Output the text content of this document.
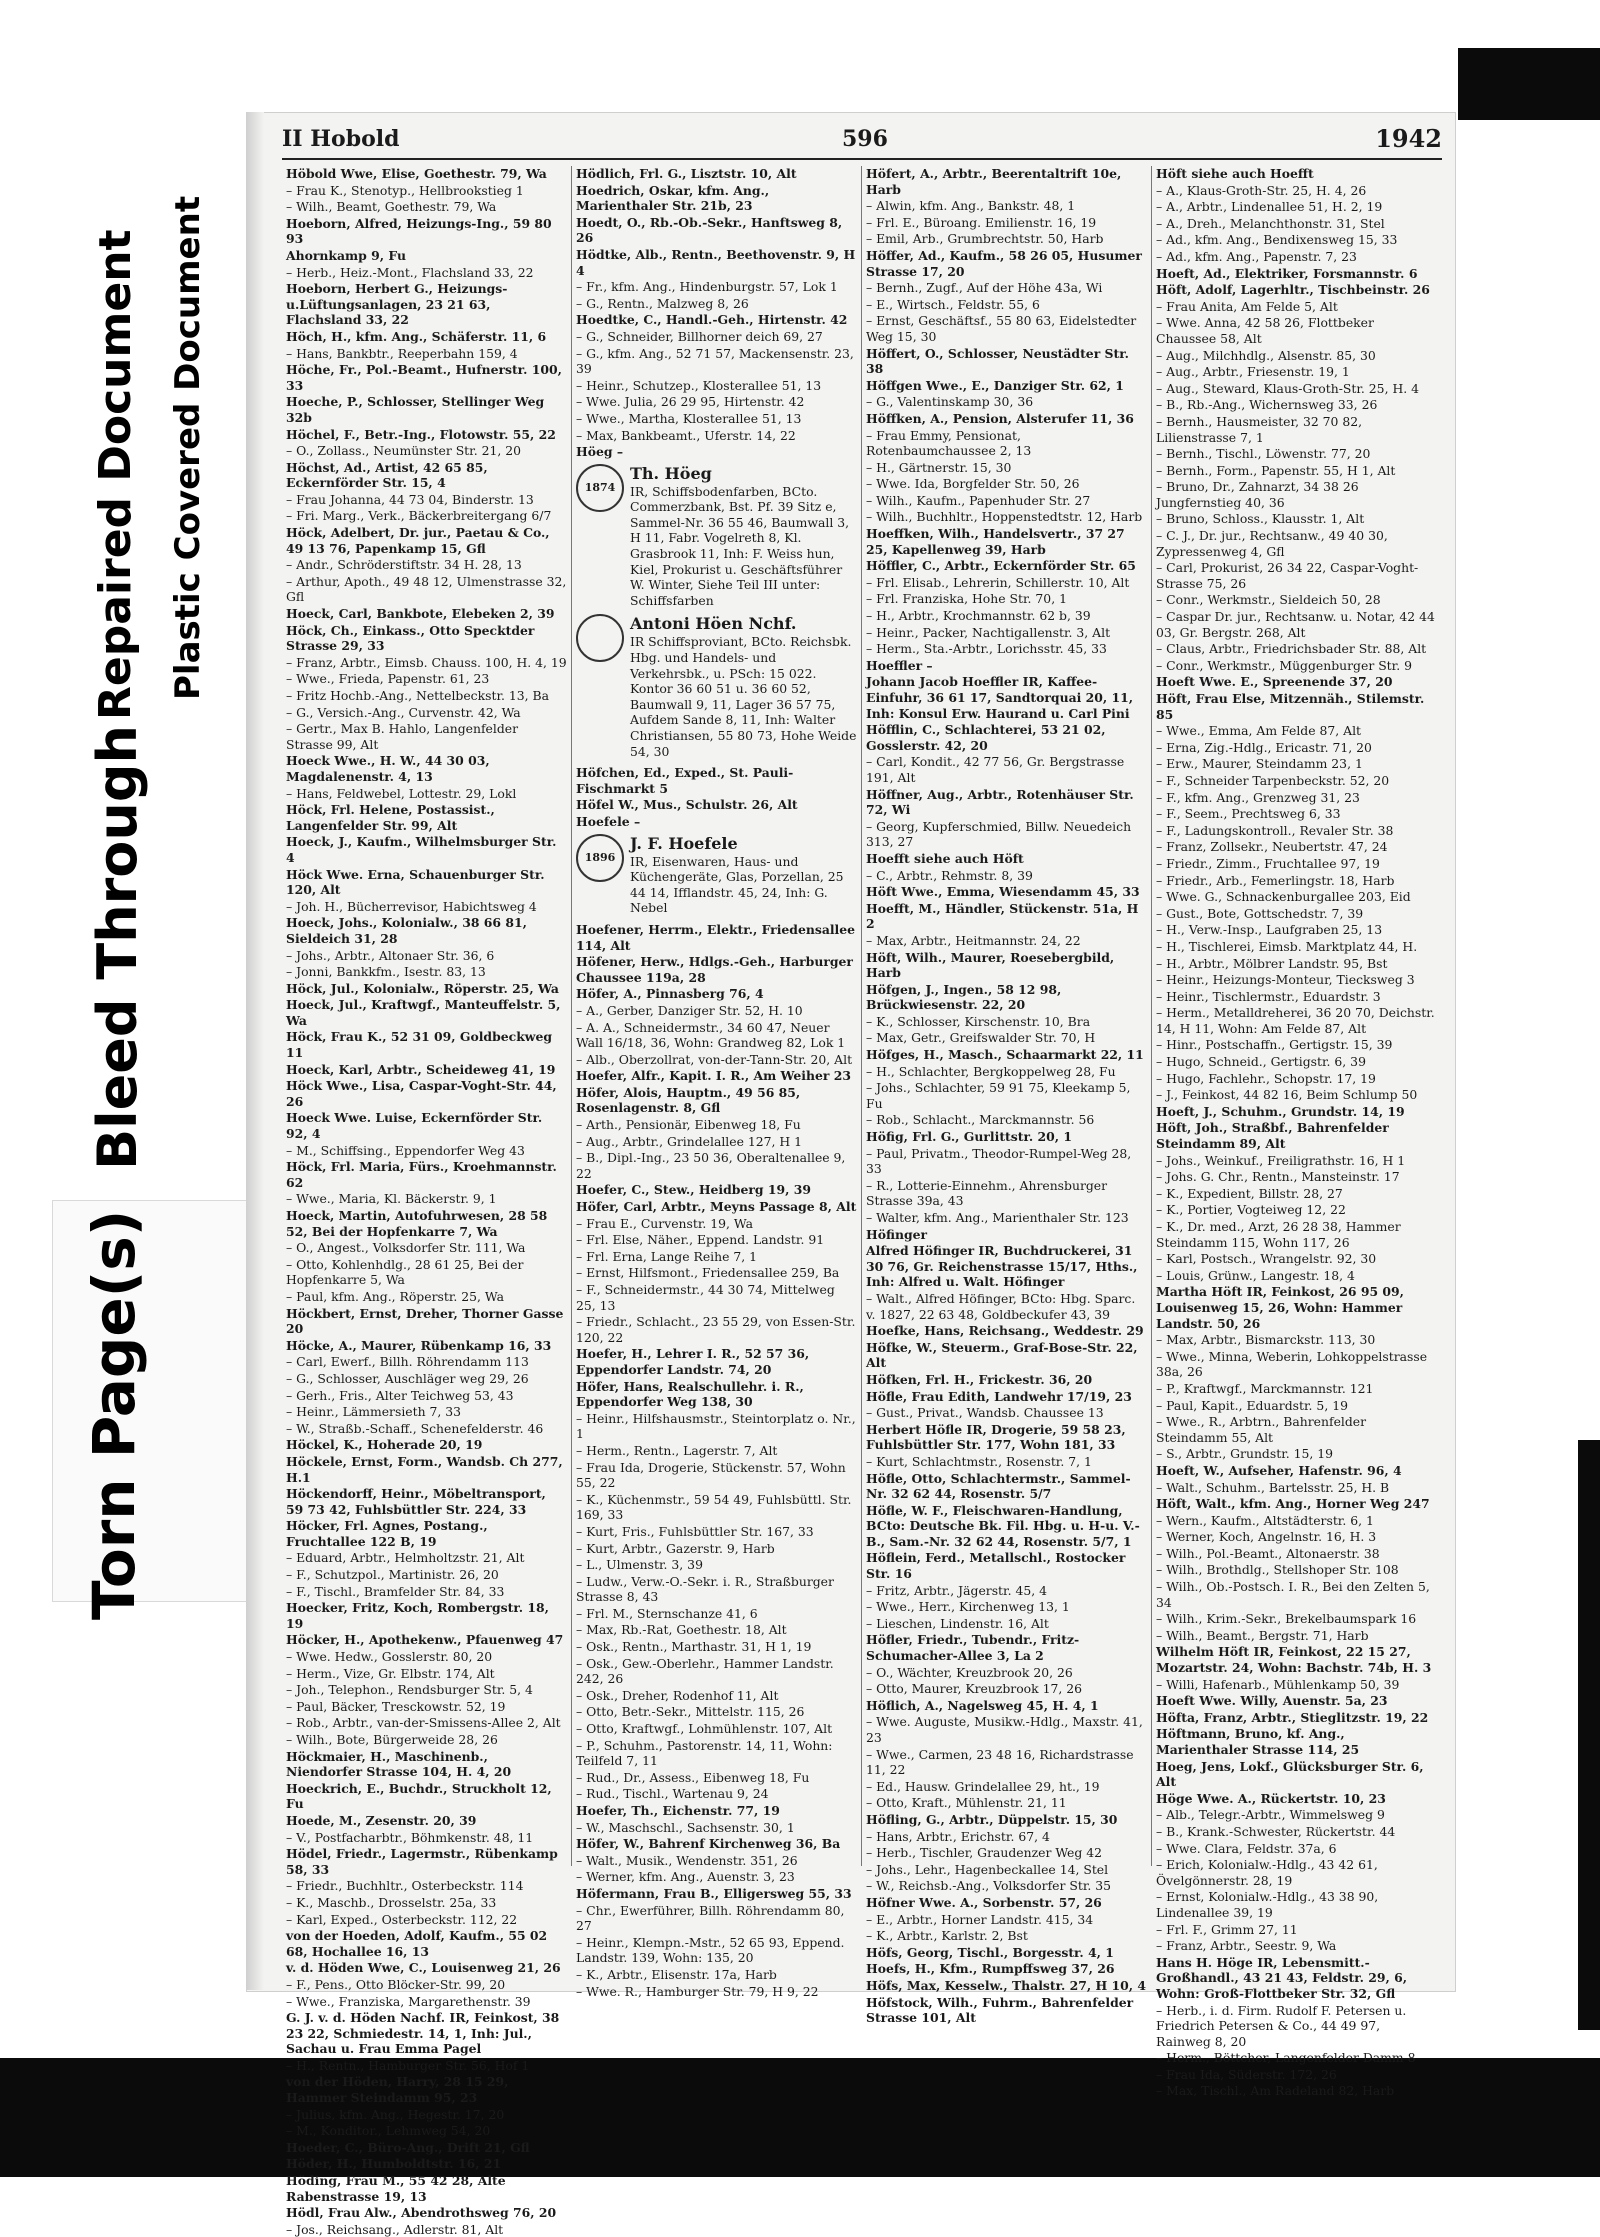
Repaired Document Plastic Covered Document
Bleed Through
Torn Page(s)
II Hobold	596	1942
Höbold Wwe, Elise, Goethestr. 79, Wa
– Frau K., Stenotyp., Hellbrookstieg 1
– Wilh., Beamt, Goethestr. 79, Wa
Hoeborn, Alfred, Heizungs-Ing., 59 80 93
Ahornkamp 9, Fu
– Herb., Heiz.-Mont., Flachsland 33, 22
Hoeborn, Herbert G., Heizungs-u.Lüftungsanlagen, 23 21 63, Flachsland 33, 22
Höch, H., kfm. Ang., Schäferstr. 11, 6
– Hans, Bankbtr., Reeperbahn 159, 4
Höche, Fr., Pol.-Beamt., Hufnerstr. 100, 33
Hoeche, P., Schlosser, Stellinger Weg 32b
Höchel, F., Betr.-Ing., Flotowstr. 55, 22
– O., Zollass., Neumünster Str. 21, 20
Höchst, Ad., Artist, 42 65 85, Eckernförder Str. 15, 4
– Frau Johanna, 44 73 04, Binderstr. 13
– Fri. Marg., Verk., Bäckerbreitergang 6/7
Höck, Adelbert, Dr. jur., Paetau & Co., 49 13 76, Papenkamp 15, Gfl
– Andr., Schröderstiftstr. 34 H. 28, 13
– Arthur, Apoth., 49 48 12, Ulmenstrasse 32, Gfl
Hoeck, Carl, Bankbote, Elebeken 2, 39
Höck, Ch., Einkass., Otto Specktder Strasse 29, 33
– Franz, Arbtr., Eimsb. Chauss. 100, H. 4, 19
– Wwe., Frieda, Papenstr. 61, 23
– Fritz Hochb.-Ang., Nettelbeckstr. 13, Ba
– G., Versich.-Ang., Curvenstr. 42, Wa
– Gertr., Max B. Hahlo, Langenfelder Strasse 99, Alt
Hoeck Wwe., H. W., 44 30 03, Magdalenenstr. 4, 13
– Hans, Feldwebel, Lottestr. 29, Lokl
Höck, Frl. Helene, Postassist., Langenfelder Str. 99, Alt
Hoeck, J., Kaufm., Wilhelmsburger Str. 4
Höck Wwe. Erna, Schauenburger Str. 120, Alt
– Joh. H., Bücherrevisor, Habichtsweg 4
Hoeck, Johs., Kolonialw., 38 66 81, Sieldeich 31, 28
– Johs., Arbtr., Altonaer Str. 36, 6
– Jonni, Bankkfm., Isestr. 83, 13
Höck, Jul., Kolonialw., Röperstr. 25, Wa
Hoeck, Jul., Kraftwgf., Manteuffelstr. 5, Wa
Höck, Frau K., 52 31 09, Goldbeckweg 11
Hoeck, Karl, Arbtr., Scheideweg 41, 19
Höck Wwe., Lisa, Caspar-Voght-Str. 44, 26
Hoeck Wwe. Luise, Eckernförder Str. 92, 4
– M., Schiffsing., Eppendorfer Weg 43
Höck, Frl. Maria, Fürs., Kroehmannstr. 62
– Wwe., Maria, Kl. Bäckerstr. 9, 1
Hoeck, Martin, Autofuhrwesen, 28 58 52, Bei der Hopfenkarre 7, Wa
– O., Angest., Volksdorfer Str. 111, Wa
– Otto, Kohlenhdlg., 28 61 25, Bei der Hopfenkarre 5, Wa
– Paul, kfm. Ang., Röperstr. 25, Wa
Höckbert, Ernst, Dreher, Thorner Gasse 20
Höcke, A., Maurer, Rübenkamp 16, 33
– Carl, Ewerf., Billh. Röhrendamm 113
– G., Schlosser, Auschläger weg 29, 26
– Gerh., Fris., Alter Teichweg 53, 43
– Heinr., Lämmersieth 7, 33
– W., Straßb.-Schaff., Schenefelderstr. 46
Höckel, K., Hoherade 20, 19
Höckele, Ernst, Form., Wandsb. Ch 277, H.1
Höckendorff, Heinr., Möbeltransport, 59 73 42, Fuhlsbüttler Str. 224, 33
Höcker, Frl. Agnes, Postang., Fruchtallee 122 B, 19
– Eduard, Arbtr., Helmholtzstr. 21, Alt
– F., Schutzpol., Martinistr. 26, 20
– F., Tischl., Bramfelder Str. 84, 33
Hoecker, Fritz, Koch, Rombergstr. 18, 19
Höcker, H., Apothekenw., Pfauenweg 47
– Wwe. Hedw., Gosslerstr. 80, 20
– Herm., Vize, Gr. Elbstr. 174, Alt
– Joh., Telephon., Rendsburger Str. 5, 4
– Paul, Bäcker, Tresckowstr. 52, 19
– Rob., Arbtr., van-der-Smissens-Allee 2, Alt
– Wilh., Bote, Bürgerweide 28, 26
Höckmaier, H., Maschinenb., Niendorfer Strasse 104, H. 4, 20
Hoeckrich, E., Buchdr., Struckholt 12, Fu
Hoede, M., Zesenstr. 20, 39
– V., Postfacharbtr., Böhmkenstr. 48, 11
Hödel, Friedr., Lagermstr., Rübenkamp 58, 33
– Friedr., Buchhltr., Osterbeckstr. 114
– K., Maschb., Drosselstr. 25a, 33
– Karl, Exped., Osterbeckstr. 112, 22
von der Hoeden, Adolf, Kaufm., 55 02 68, Hochallee 16, 13
v. d. Höden Wwe, C., Louisenweg 21, 26
– F., Pens., Otto Blöcker-Str. 99, 20
– Wwe., Franziska, Margarethenstr. 39
G. J. v. d. Höden Nachf. IR, Feinkost, 38 23 22, Schmiedestr. 14, 1, Inh: Jul., Sachau u. Frau Emma Pagel
– H., Rentn., Hamburger Str. 56, Hof 1
von der Höden, Harry, 28 15 29, Hammer Steindamm 95, 23
– Julius, kfm. Ang., Hegestr. 17, 20
– M., Konditor., Lehmweg 54, 20
Hoeder, C., Büro-Ang., Drift 21, Gfl
Höder, H., Humboldtstr. 16, 21
Höding, Frau M., 55 42 28, Alte Rabenstrasse 19, 13
Hödl, Frau Alw., Abendrothsweg 76, 20
– Jos., Reichsang., Adlerstr. 81, Alt
Hödlich, Frl. G., Lisztstr. 10, Alt
Hoedrich, Oskar, kfm. Ang., Marienthaler Str. 21b, 23
Hoedt, O., Rb.-Ob.-Sekr., Hanftsweg 8, 26
Hödtke, Alb., Rentn., Beethovenstr. 9, H 4
– Fr., kfm. Ang., Hindenburgstr. 57, Lok 1
– G., Rentn., Malzweg 8, 26
Hoedtke, C., Handl.-Geh., Hirtenstr. 42
– G., Schneider, Billhorner deich 69, 27
– G., kfm. Ang., 52 71 57, Mackensenstr. 23, 39
– Heinr., Schutzep., Klosterallee 51, 13
– Wwe. Julia, 26 29 95, Hirtenstr. 42
– Wwe., Martha, Klosterallee 51, 13
– Max, Bankbeamt., Uferstr. 14, 22
Höeg –
1874
Th. Höeg
IR, Schiffsbodenfarben, BCto. Commerzbank, Bst. Pf. 39 Sitz e, Sammel-Nr. 36 55 46, Baumwall 3, H 11, Fabr. Vogelreth 8, Kl. Grasbrook 11, Inh: F. Weiss hun, Kiel, Prokurist u. Geschäftsführer W. Winter, Siehe Teil III unter: Schiffsfarben
Antoni Höen Nchf.
IR Schiffsproviant, BCto. Reichsbk. Hbg. und Handels- und Verkehrsbk., u. PSch: 15 022. Kontor 36 60 51 u. 36 60 52, Baumwall 9, 11, Lager 36 57 75, Aufdem Sande 8, 11, Inh: Walter Christiansen, 55 80 73, Hohe Weide 54, 30
Höfchen, Ed., Exped., St. Pauli-Fischmarkt 5
Höfel W., Mus., Schulstr. 26, Alt
Hoefele –
1896
J. F. Hoefele
IR, Eisenwaren, Haus- und Küchengeräte, Glas, Porzellan, 25 44 14, Ifflandstr. 45, 24, Inh: G. Nebel
Hoefener, Herrm., Elektr., Friedensallee 114, Alt
Höfener, Herw., Hdlgs.-Geh., Harburger Chaussee 119a, 28
Höfer, A., Pinnasberg 76, 4
– A., Gerber, Danziger Str. 52, H. 10
– A. A., Schneidermstr., 34 60 47, Neuer Wall 16/18, 36, Wohn: Grandweg 82, Lok 1
– Alb., Oberzollrat, von-der-Tann-Str. 20, Alt
Hoefer, Alfr., Kapit. I. R., Am Weiher 23
Höfer, Alois, Hauptm., 49 56 85, Rosenlagenstr. 8, Gfl
– Arth., Pensionär, Eibenweg 18, Fu
– Aug., Arbtr., Grindelallee 127, H 1
– B., Dipl.-Ing., 23 50 36, Oberaltenallee 9, 22
Hoefer, C., Stew., Heidberg 19, 39
Höfer, Carl, Arbtr., Meyns Passage 8, Alt
– Frau E., Curvenstr. 19, Wa
– Frl. Else, Näher., Eppend. Landstr. 91
– Frl. Erna, Lange Reihe 7, 1
– Ernst, Hilfsmont., Friedensallee 259, Ba
– F., Schneidermstr., 44 30 74, Mittelweg 25, 13
– Friedr., Schlacht., 23 55 29, von Essen-Str. 120, 22
Hoefer, H., Lehrer I. R., 52 57 36, Eppendorfer Landstr. 74, 20
Höfer, Hans, Realschullehr. i. R., Eppendorfer Weg 138, 30
– Heinr., Hilfshausmstr., Steintorplatz o. Nr., 1
– Herm., Rentn., Lagerstr. 7, Alt
– Frau Ida, Drogerie, Stückenstr. 57, Wohn 55, 22
– K., Küchenmstr., 59 54 49, Fuhlsbüttl. Str. 169, 33
– Kurt, Fris., Fuhlsbüttler Str. 167, 33
– Kurt, Arbtr., Gazerstr. 9, Harb
– L., Ulmenstr. 3, 39
– Ludw., Verw.-O.-Sekr. i. R., Straßburger Strasse 8, 43
– Frl. M., Sternschanze 41, 6
– Max, Rb.-Rat, Goethestr. 18, Alt
– Osk., Rentn., Marthastr. 31, H 1, 19
– Osk., Gew.-Oberlehr., Hammer Landstr. 242, 26
– Osk., Dreher, Rodenhof 11, Alt
– Otto, Betr.-Sekr., Mittelstr. 115, 26
– Otto, Kraftwgf., Lohmühlenstr. 107, Alt
– P., Schuhm., Pastorenstr. 14, 11, Wohn: Teilfeld 7, 11
– Rud., Dr., Assess., Eibenweg 18, Fu
– Rud., Tischl., Wartenau 9, 24
Hoefer, Th., Eichenstr. 77, 19
– W., Maschschl., Sachsenstr. 30, 1
Höfer, W., Bahrenf Kirchenweg 36, Ba
– Walt., Musik., Wendenstr. 351, 26
– Werner, kfm. Ang., Auenstr. 3, 23
Höfermann, Frau B., Elligersweg 55, 33
– Chr., Ewerführer, Billh. Röhrendamm 80, 27
– Heinr., Klempn.-Mstr., 52 65 93, Eppend. Landstr. 139, Wohn: 135, 20
– K., Arbtr., Elisenstr. 17a, Harb
– Wwe. R., Hamburger Str. 79, H 9, 22
Höfert, A., Arbtr., Beerentaltrift 10e, Harb
– Alwin, kfm. Ang., Bankstr. 48, 1
– Frl. E., Büroang. Emilienstr. 16, 19
– Emil, Arb., Grumbrechtstr. 50, Harb
Höffer, Ad., Kaufm., 58 26 05, Husumer Strasse 17, 20
– Bernh., Zugf., Auf der Höhe 43a, Wi
– E., Wirtsch., Feldstr. 55, 6
– Ernst, Geschäftsf., 55 80 63, Eidelstedter Weg 15, 30
Höffert, O., Schlosser, Neustädter Str. 38
Höffgen Wwe., E., Danziger Str. 62, 1
– G., Valentinskamp 30, 36
Höffken, A., Pension, Alsterufer 11, 36
– Frau Emmy, Pensionat, Rotenbaumchaussee 2, 13
– H., Gärtnerstr. 15, 30
– Wwe. Ida, Borgfelder Str. 50, 26
– Wilh., Kaufm., Papenhuder Str. 27
– Wilh., Buchhltr., Hoppenstedtstr. 12, Harb
Hoeffken, Wilh., Handelsvertr., 37 27 25, Kapellenweg 39, Harb
Höffler, C., Arbtr., Eckernförder Str. 65
– Frl. Elisab., Lehrerin, Schillerstr. 10, Alt
– Frl. Franziska, Hohe Str. 70, 1
– H., Arbtr., Krochmannstr. 62 b, 39
– Heinr., Packer, Nachtigallenstr. 3, Alt
– Herm., Sta.-Arbtr., Lorichsstr. 45, 33
Hoeffler –
Johann Jacob Hoeffler IR, Kaffee-Einfuhr, 36 61 17, Sandtorquai 20, 11, Inh: Konsul Erw. Haurand u. Carl Pini
Höfflin, C., Schlachterei, 53 21 02, Gosslerstr. 42, 20
– Carl, Kondit., 42 77 56, Gr. Bergstrasse 191, Alt
Höffner, Aug., Arbtr., Rotenhäuser Str. 72, Wi
– Georg, Kupferschmied, Billw. Neuedeich 313, 27
Hoefft siehe auch Höft
– C., Arbtr., Rehmstr. 8, 39
Höft Wwe., Emma, Wiesendamm 45, 33
Hoefft, M., Händler, Stückenstr. 51a, H 2
– Max, Arbtr., Heitmannstr. 24, 22
Höft, Wilh., Maurer, Roesebergbild, Harb
Höfgen, J., Ingen., 58 12 98, Brückwiesenstr. 22, 20
– K., Schlosser, Kirschenstr. 10, Bra
– Max, Getr., Greifswalder Str. 70, H
Höfges, H., Masch., Schaarmarkt 22, 11
– H., Schlachter, Bergkoppelweg 28, Fu
– Johs., Schlachter, 59 91 75, Kleekamp 5, Fu
– Rob., Schlacht., Marckmannstr. 56
Höfig, Frl. G., Gurlittstr. 20, 1
– Paul, Privatm., Theodor-Rumpel-Weg 28, 33
– R., Lotterie-Einnehm., Ahrensburger Strasse 39a, 43
– Walter, kfm. Ang., Marienthaler Str. 123
Höfinger
Alfred Höfinger IR, Buchdruckerei, 31 30 76, Gr. Reichenstrasse 15/17, Hths., Inh: Alfred u. Walt. Höfinger
– Walt., Alfred Höfinger, BCto: Hbg. Sparc. v. 1827, 22 63 48, Goldbeckufer 43, 39
Hoefke, Hans, Reichsang., Weddestr. 29
Höfke, W., Steuerm., Graf-Bose-Str. 22, Alt
Höfken, Frl. H., Frickestr. 36, 20
Höfle, Frau Edith, Landwehr 17/19, 23
– Gust., Privat., Wandsb. Chaussee 13
Herbert Höfle IR, Drogerie, 59 58 23, Fuhlsbüttler Str. 177, Wohn 181, 33
– Kurt, Schlachtmstr., Rosenstr. 7, 1
Höfle, Otto, Schlachtermstr., Sammel-Nr. 32 62 44, Rosenstr. 5/7
Höfle, W. F., Fleischwaren-Handlung, BCto: Deutsche Bk. Fil. Hbg. u. H-u. V.-B., Sam.-Nr. 32 62 44, Rosenstr. 5/7, 1
Höflein, Ferd., Metallschl., Rostocker Str. 16
– Fritz, Arbtr., Jägerstr. 45, 4
– Wwe., Herr., Kirchenweg 13, 1
– Lieschen, Lindenstr. 16, Alt
Höfler, Friedr., Tubendr., Fritz-Schumacher-Allee 3, La 2
– O., Wächter, Kreuzbrook 20, 26
– Otto, Maurer, Kreuzbrook 17, 26
Höflich, A., Nagelsweg 45, H. 4, 1
– Wwe. Auguste, Musikw.-Hdlg., Maxstr. 41, 23
– Wwe., Carmen, 23 48 16, Richardstrasse 11, 22
– Ed., Hausw. Grindelallee 29, ht., 19
– Otto, Kraft., Mühlenstr. 21, 11
Höfling, G., Arbtr., Düppelstr. 15, 30
– Hans, Arbtr., Erichstr. 67, 4
– Herb., Tischler, Graudenzer Weg 42
– Johs., Lehr., Hagenbeckallee 14, Stel
– W., Reichsb.-Ang., Volksdorfer Str. 35
Höfner Wwe. A., Sorbenstr. 57, 26
– E., Arbtr., Horner Landstr. 415, 34
– K., Arbtr., Karlstr. 2, Bst
Höfs, Georg, Tischl., Borgesstr. 4, 1
Hoefs, H., Kfm., Rumpffsweg 37, 26
Höfs, Max, Kesselw., Thalstr. 27, H 10, 4
Höfstock, Wilh., Fuhrm., Bahrenfelder Strasse 101, Alt
Höft siehe auch Hoefft
– A., Klaus-Groth-Str. 25, H. 4, 26
– A., Arbtr., Lindenallee 51, H. 2, 19
– A., Dreh., Melanchthonstr. 31, Stel
– Ad., kfm. Ang., Bendixensweg 15, 33
– Ad., kfm. Ang., Papenstr. 7, 23
Hoeft, Ad., Elektriker, Forsmannstr. 6
Höft, Adolf, Lagerhltr., Tischbeinstr. 26
– Frau Anita, Am Felde 5, Alt
– Wwe. Anna, 42 58 26, Flottbeker Chaussee 58, Alt
– Aug., Milchhdlg., Alsenstr. 85, 30
– Aug., Arbtr., Friesenstr. 19, 1
– Aug., Steward, Klaus-Groth-Str. 25, H. 4
– B., Rb.-Ang., Wichernsweg 33, 26
– Bernh., Hausmeister, 32 70 82, Lilienstrasse 7, 1
– Bernh., Tischl., Löwenstr. 77, 20
– Bernh., Form., Papenstr. 55, H 1, Alt
– Bruno, Dr., Zahnarzt, 34 38 26 Jungfernstieg 40, 36
– Bruno, Schloss., Klausstr. 1, Alt
– C. J., Dr. jur., Rechtsanw., 49 40 30, Zypressenweg 4, Gfl
– Carl, Prokurist, 26 34 22, Caspar-Voght-Strasse 75, 26
– Conr., Werkmstr., Sieldeich 50, 28
– Caspar Dr. jur., Rechtsanw. u. Notar, 42 44 03, Gr. Bergstr. 268, Alt
– Claus, Arbtr., Friedrichsbader Str. 88, Alt
– Conr., Werkmstr., Müggenburger Str. 9
Hoeft Wwe. E., Spreenende 37, 20
Höft, Frau Else, Mitzennäh., Stilemstr. 85
– Wwe., Emma, Am Felde 87, Alt
– Erna, Zig.-Hdlg., Ericastr. 71, 20
– Erw., Maurer, Steindamm 23, 1
– F., Schneider Tarpenbeckstr. 52, 20
– F., kfm. Ang., Grenzweg 31, 23
– F., Seem., Prechtsweg 6, 33
– F., Ladungskontroll., Revaler Str. 38
– Franz, Zollsekr., Neubertstr. 47, 24
– Friedr., Zimm., Fruchtallee 97, 19
– Friedr., Arb., Femerlingstr. 18, Harb
– Wwe. G., Schnackenburgallee 203, Eid
– Gust., Bote, Gottschedstr. 7, 39
– H., Verw.-Insp., Laufgraben 25, 13
– H., Tischlerei, Eimsb. Marktplatz 44, H.
– H., Arbtr., Mölbrer Landstr. 95, Bst
– Heinr., Heizungs-Monteur, Tiecksweg 3
– Heinr., Tischlermstr., Eduardstr. 3
– Herm., Metalldreherei, 36 20 70, Deichstr. 14, H 11, Wohn: Am Felde 87, Alt
– Hinr., Postschaffn., Gertigstr. 15, 39
– Hugo, Schneid., Gertigstr. 6, 39
– Hugo, Fachlehr., Schopstr. 17, 19
– J., Feinkost, 44 82 16, Beim Schlump 50
Hoeft, J., Schuhm., Grundstr. 14, 19
Höft, Joh., Straßbf., Bahrenfelder Steindamm 89, Alt
– Johs., Weinkuf., Freiligrathstr. 16, H 1
– Johs. G. Chr., Rentn., Mansteinstr. 17
– K., Expedient, Billstr. 28, 27
– K., Portier, Vogteiweg 12, 22
– K., Dr. med., Arzt, 26 28 38, Hammer Steindamm 115, Wohn 117, 26
– Karl, Postsch., Wrangelstr. 92, 30
– Louis, Grünw., Langestr. 18, 4
Martha Höft IR, Feinkost, 26 95 09, Louisenweg 15, 26, Wohn: Hammer Landstr. 50, 26
– Max, Arbtr., Bismarckstr. 113, 30
– Wwe., Minna, Weberin, Lohkoppelstrasse 38a, 26
– P., Kraftwgf., Marckmannstr. 121
– Paul, Kapit., Eduardstr. 5, 19
– Wwe., R., Arbtrn., Bahrenfelder Steindamm 55, Alt
– S., Arbtr., Grundstr. 15, 19
Hoeft, W., Aufseher, Hafenstr. 96, 4
– Walt., Schuhm., Bartelsstr. 25, H. B
Höft, Walt., kfm. Ang., Horner Weg 247
– Wern., Kaufm., Altstädterstr. 6, 1
– Werner, Koch, Angelnstr. 16, H. 3
– Wilh., Pol.-Beamt., Altonaerstr. 38
– Wilh., Brothdlg., Stellshoper Str. 108
– Wilh., Ob.-Postsch. I. R., Bei den Zelten 5, 34
– Wilh., Krim.-Sekr., Brekelbaumspark 16
– Wilh., Beamt., Bergstr. 71, Harb
Wilhelm Höft IR, Feinkost, 22 15 27, Mozartstr. 24, Wohn: Bachstr. 74b, H. 3
– Willi, Hafenarb., Mühlenkamp 50, 39
Hoeft Wwe. Willy, Auenstr. 5a, 23
Höfta, Franz, Arbtr., Stieglitzstr. 19, 22
Höftmann, Bruno, kf. Ang., Marienthaler Strasse 114, 25
Hoeg, Jens, Lokf., Glücksburger Str. 6, Alt
Höge Wwe. A., Rückertstr. 10, 23
– Alb., Telegr.-Arbtr., Wimmelsweg 9
– B., Krank.-Schwester, Rückertstr. 44
– Wwe. Clara, Feldstr. 37a, 6
– Erich, Kolonialw.-Hdlg., 43 42 61, Övelgönnerstr. 28, 19
– Ernst, Kolonialw.-Hdlg., 43 38 90, Lindenallee 39, 19
– Frl. F., Grimm 27, 11
– Franz, Arbtr., Seestr. 9, Wa
Hans H. Höge IR, Lebensmitt.-Großhandl., 43 21 43, Feldstr. 29, 6, Wohn: Groß-Flottbeker Str. 32, Gfl
– Herb., i. d. Firm. Rudolf F. Petersen u. Friedrich Petersen & Co., 44 49 97, Rainweg 8, 20
– Herm., Böttcher, Langenfelder Damm 8
– Frau Ida, Süderstr. 172, 26
– Max, Tischl., Am Radeland 82, Harb
